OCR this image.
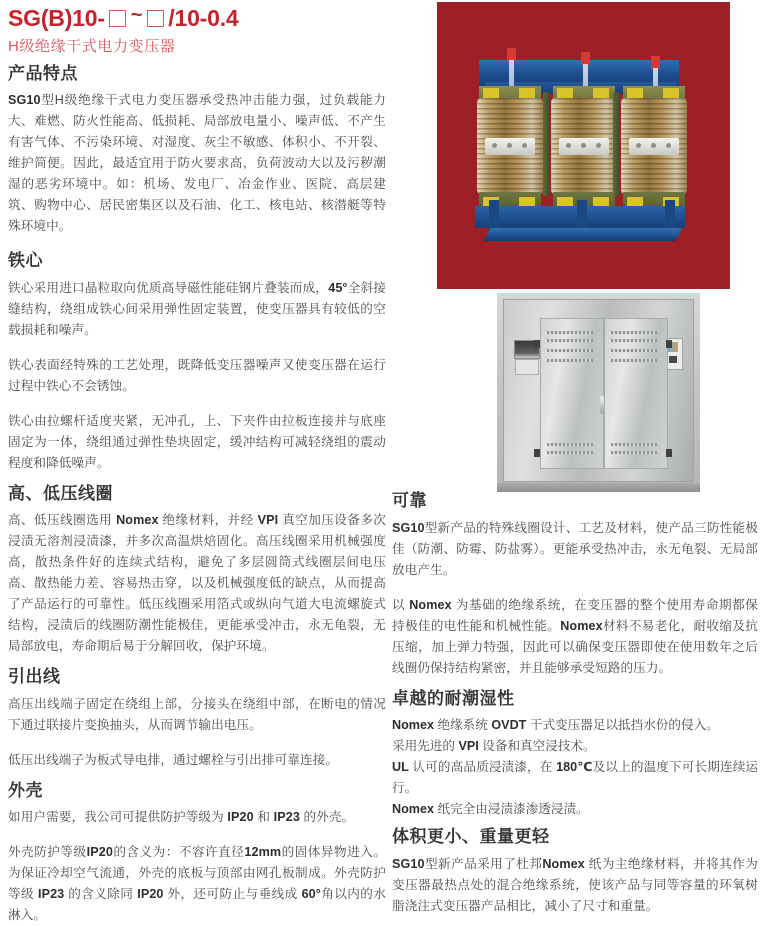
SG(B)10- ~ /10-0.4
H级绝缘干式电力变压器
产品特点

SG10型H级绝缘干式电力变压器承受热冲击能力强，过负载能力大、难燃、防火性能高、低损耗、局部放电量小、噪声低、不产生有害气体、不污染环境、对湿度、灰尘不敏感、体积小、不开裂、维护简便。因此，最适宜用于防火要求高，负荷波动大以及污秽潮湿的恶劣环境中。如：机场、发电厂、冶金作业、医院、高层建筑、购物中心、居民密集区以及石油、化工、核电站、核潜艇等特殊环境中。

铁心

铁心采用进口晶粒取向优质高导磁性能硅钢片叠装而成，45°全斜接缝结构，绕组成铁心间采用弹性固定装置，使变压器具有较低的空载损耗和噪声。

铁心表面经特殊的工艺处理，既降低变压器噪声又使变压器在运行过程中铁心不会锈蚀。

铁心由拉螺杆适度夹紧，无冲孔，上、下夹件由拉板连接并与底座固定为一体，绕组通过弹性垫块固定，缓冲结构可减轻绕组的震动程度和降低噪声。

高、低压线圈

高、低压线圈选用 Nomex 绝缘材料，并经 VPI 真空加压设备多次浸渍无溶剂浸渍漆，并多次高温烘焙固化。高压线圈采用机械强度高，散热条件好的连续式结构，避免了多层圆筒式线圈层间电压高、散热能力差、容易热击穿，以及机械强度低的缺点，从而提高了产品运行的可靠性。低压线圈采用箔式或纵向气道大电流螺旋式结构，浸渍后的线圈防潮性能极佳，更能承受冲击，永无龟裂，无局部放电，寿命期后易于分解回收，保护环境。

引出线

高压出线端子固定在绕组上部，分接头在绕组中部，在断电的情况下通过联接片变换抽头，从而调节输出电压。

低压出线端子为板式导电排，通过螺栓与引出排可靠连接。

外壳

如用户需要，我公司可提供防护等级为 IP20 和 IP23 的外壳。

外壳防护等级IP20的含义为：不容许直径12mm的固体异物进入。为保证冷却空气流通，外壳的底板与顶部由网孔板制成。外壳防护等级 IP23 的含义除同 IP20 外，还可防止与垂线成 60°角以内的水淋入。

可靠

SG10型新产品的特殊线圈设计、工艺及材料，使产品三防性能极佳（防潮、防霉、防盐雾）。更能承受热冲击，永无龟裂、无局部放电产生。

以 Nomex 为基础的绝缘系统，在变压器的整个使用寿命期都保持极佳的电性能和机械性能。Nomex材料不易老化，耐收缩及抗压缩，加上弹力特强，因此可以确保变压器即使在使用数年之后线圈仍保持结构紧密，并且能够承受短路的压力。

卓越的耐潮湿性
Nomex 绝缘系统 OVDT 干式变压器足以抵挡水份的侵入。
采用先进的 VPI 设备和真空浸技术。
UL 认可的高品质浸渍漆，在 180℃及以上的温度下可长期连续运行。
Nomex 纸完全由浸渍漆渗透浸渍。
体积更小、重量更轻

SG10型新产品采用了杜邦Nomex 纸为主绝缘材料，并将其作为变压器最热点处的混合绝缘系统，使该产品与同等容量的环氧树脂浇注式变压器产品相比，减小了尺寸和重量。
